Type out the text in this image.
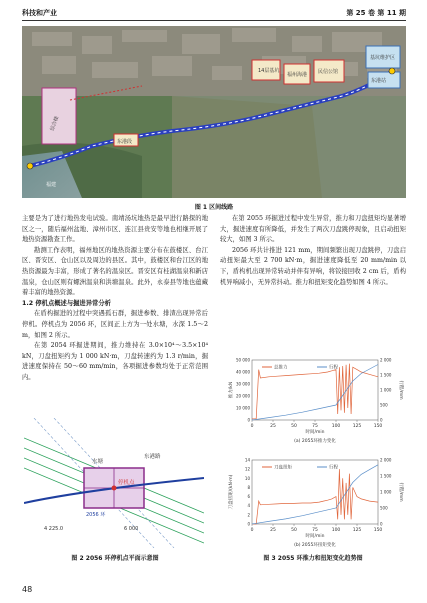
科技和产业	第 25 卷 第 11 期
14层基坑
福州海港 民信公馆
基坑维护区
东港站
东港段
福建
综合楼
图 1 区间线路

主要是为了进行地热发电试验。南靖汤坑地热是最早进行路探的地区之一，随后福州盆地、漳州市区、连江县贵安等地也相继开展了地热资源勘查工作。

勘测工作表明，福州地区的地热资源主要分布在鼓楼区、台江区、晋安区、仓山区以及周边的县区。其中，鼓楼区和台江区的地热资源最为丰富，形成了著名的温泉区。晋安区有桂湖温泉和新店温泉，仓山区则有螺洲温泉和洪塘温泉。此外，永泰县等地也蕴藏着丰富的地热资源。

1.2 停机点概述与掘进异常分析

在盾构掘进的过程中突遇孤石群，掘进参数、排渣出现异常后停机。停机点为 2056 环，区间正上方为一处水塘，水深 1.5～2 m，如图 2 所示。

在第 2054 环掘进期间，推力维持在 3.0×10⁴～3.5×10⁴ kN，刀盘扭矩约为 1 000 kN·m，刀盘转速约为 1.3 r/min，掘进速度保持在 50～60 mm/min，各项掘进参数均处于正常范围内。

在第 2055 环掘进过程中发生异常，推力和刀盘扭矩均显著增大，掘进速度有所降低，并发生了两次刀盘跳停现象，且启动扭矩较大，如图 3 所示。

2056 环共计推进 121 mm，期间频繁出现刀盘跳停，刀盘启动扭矩最大至 2 700 kN·m，掘进速度降低至 20 mm/min 以下，盾构机出现异常转动并伴有异响，将铰接回收 2 cm 后，盾构机异响减小，无异常抖动。推力和扭矩变化趋势如图 4 所示。

水塘
停机点
东港路
4 225.0	6 000
2056 环
图 2 2056 环停机点平面示意图
0	25	50	75	100	125	150
0
10 000
20 000
30 000
40 000
50 000
0
500
1 000
1 500
2 000
时间/min
推力/kN	行程/mm
(a) 2055环推力变化
总推力	行程
0	25	50	75	100	125	150
0
2
4
6
8
10
12
14
0
500
1 000
1 500
2 000
时间/min
刀盘扭矩/(kN·m)	行程/mm
(b) 2055环扭矩变化
刀盘扭矩	行程
图 3 2055 环推力和扭矩变化趋势图
48
